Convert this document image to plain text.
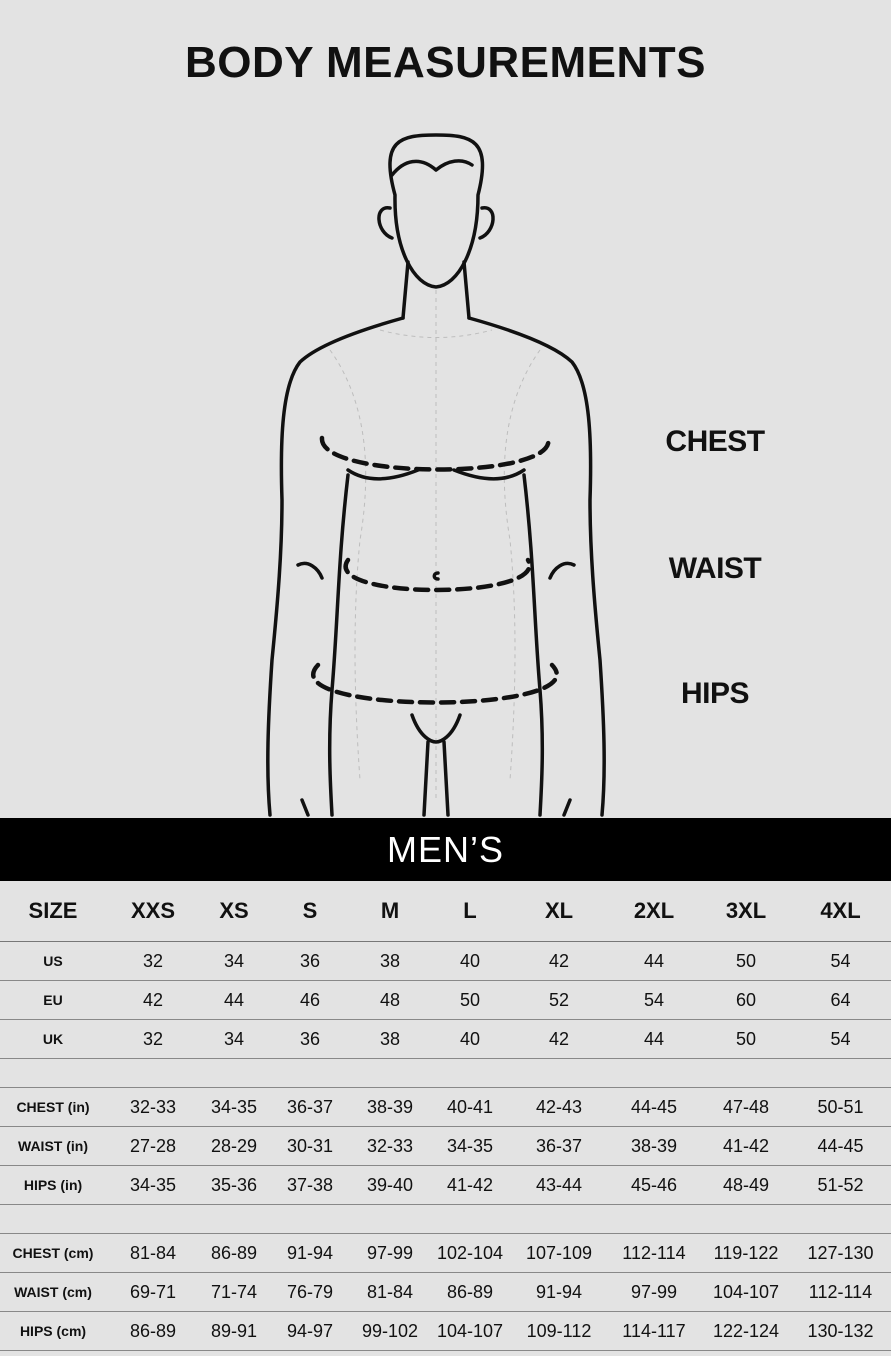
BODY MEASUREMENTS
CHEST
WAIST
HIPS
MEN’S
SIZE	XXS	XS	S	M	L	XL	2XL	3XL	4XL
US	32	34	36	38	40	42	44	50	54
EU	42	44	46	48	50	52	54	60	64
UK	32	34	36	38	40	42	44	50	54

CHEST (in)	32-33	34-35	36-37	38-39	40-41	42-43	44-45	47-48	50-51
WAIST (in)	27-28	28-29	30-31	32-33	34-35	36-37	38-39	41-42	44-45
HIPS (in)	34-35	35-36	37-38	39-40	41-42	43-44	45-46	48-49	51-52

CHEST (cm)	81-84	86-89	91-94	97-99	102-104	107-109	112-114	119-122	127-130
WAIST (cm)	69-71	71-74	76-79	81-84	86-89	91-94	97-99	104-107	112-114
HIPS (cm)	86-89	89-91	94-97	99-102	104-107	109-112	114-117	122-124	130-132
